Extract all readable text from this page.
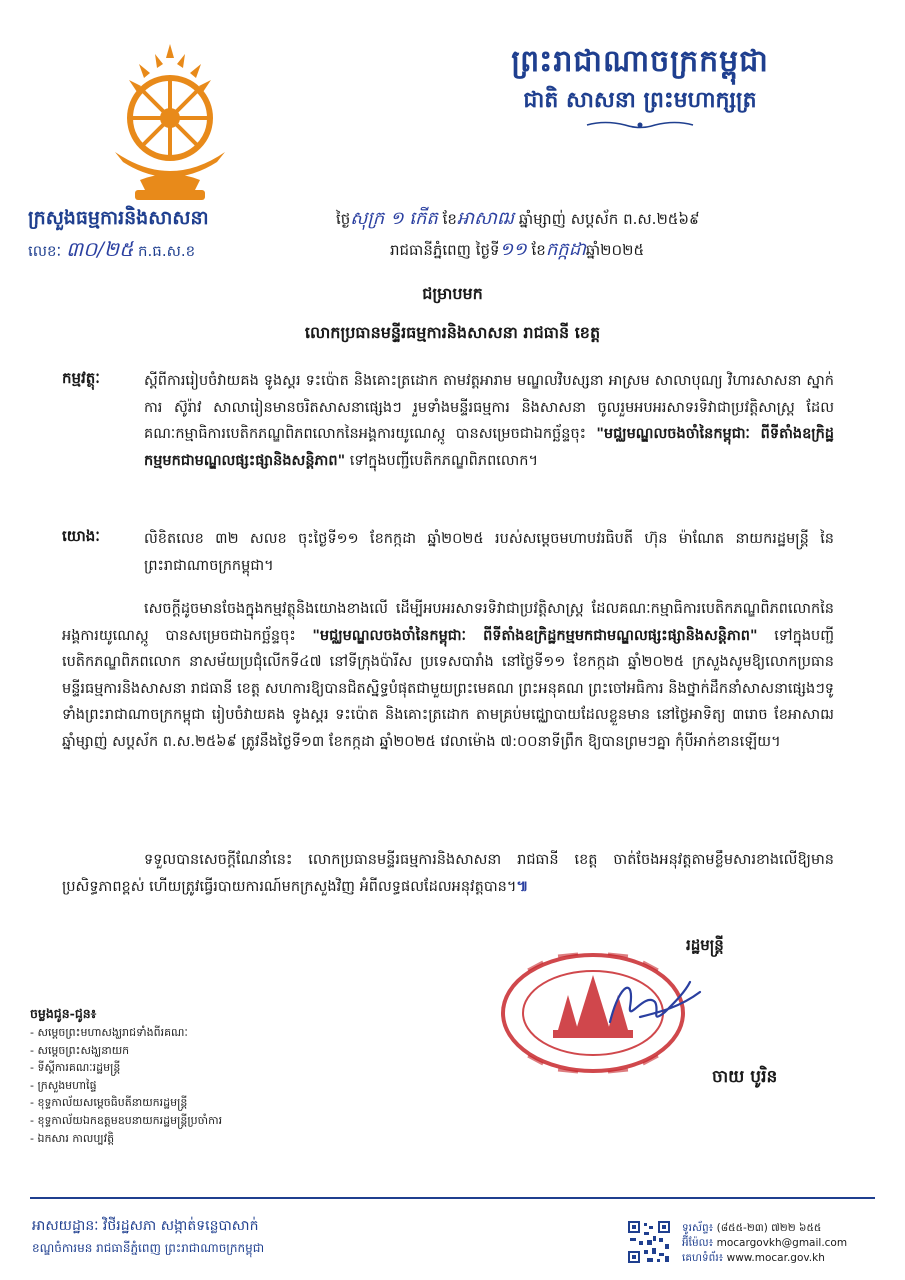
ព្រះរាជាណាចក្រកម្ពុជា
ជាតិ សាសនា ព្រះមហាក្សត្រ
ក្រសួងធម្មការនិងសាសនា
លេខៈ ៣០/២៥ ក.ធ.ស.ខ
ថ្ងៃសុក្រ ១ កើត ខែអាសាឍ ឆ្នាំម្សាញ់ សប្តស័ក ព.ស.២៥៦៩
រាជធានីភ្នំពេញ ថ្ងៃទី១១ ខែកក្កដាឆ្នាំ២០២៥
ជម្រាបមក
លោកប្រធានមន្ទីរធម្មការនិងសាសនា រាជធានី ខេត្ត
កម្មវត្ថុៈ	ស្តីពីការរៀបចំវាយគង ទូងស្គរ ទះប៉ោត និងគោះត្រដោក តាមវត្តអារាម មណ្ឌលវិបស្សនា អាស្រម សាលាបុណ្យ វិហារសាសនា ស្នាក់ការ ស៊ូរ៉ាវ សាលារៀនមានចរិតសាសនាផ្សេងៗ រួមទាំងមន្ទីរធម្មការ និងសាសនា ចូលរួមអបអរសាទរទិវាជាប្រវត្តិសាស្ត្រ ដែលគណៈកម្មាធិការបេតិកភណ្ឌពិភពលោកនៃអង្គការយូណេស្កូ បានសម្រេចជាឯកច្ឆ័ន្ទចុះ "មជ្ឈមណ្ឌលចងចាំនៃកម្ពុជាៈ ពីទីតាំងឧក្រិដ្ឋកម្មមកជាមណ្ឌលផ្សះផ្សានិងសន្តិភាព" ទៅក្នុងបញ្ជីបេតិកភណ្ឌពិភពលោក។
យោងៈ	លិខិតលេខ ៣២ សលខ ចុះថ្ងៃទី១១ ខែកក្កដា ឆ្នាំ២០២៥ របស់សម្តេចមហាបវរធិបតី ហ៊ុន ម៉ាណែត នាយករដ្ឋមន្ត្រី នៃព្រះរាជាណាចក្រកម្ពុជា។
សេចក្តីដូចមានចែងក្នុងកម្មវត្ថុនិងយោងខាងលើ ដើម្បីអបអរសាទរទិវាជាប្រវត្តិសាស្ត្រ ដែលគណៈកម្មាធិការបេតិកភណ្ឌពិភពលោកនៃអង្គការយូណេស្កូ បានសម្រេចជាឯកច្ឆ័ន្ទចុះ "មជ្ឈមណ្ឌលចងចាំនៃកម្ពុជាៈ ពីទីតាំងឧក្រិដ្ឋកម្មមកជាមណ្ឌលផ្សះផ្សានិងសន្តិភាព" ទៅក្នុងបញ្ជីបេតិកភណ្ឌពិភពលោក នាសម័យប្រជុំលើកទី៤៧ នៅទីក្រុងប៉ារីស ប្រទេសបារាំង នៅថ្ងៃទី១១ ខែកក្កដា ឆ្នាំ២០២៥ ក្រសួងសូមឱ្យលោកប្រធានមន្ទីរធម្មការនិងសាសនា រាជធានី ខេត្ត សហការឱ្យបានជិតស្និទ្ធបំផុតជាមួយព្រះមេគណ ព្រះអនុគណ ព្រះចៅអធិការ និងថ្នាក់ដឹកនាំសាសនាផ្សេងៗទូទាំងព្រះរាជាណាចក្រកម្ពុជា រៀបចំវាយគង ទូងស្គរ ទះប៉ោត និងគោះត្រដោក តាមគ្រប់មជ្ឈោបាយដែលខ្លួនមាន នៅថ្ងៃអាទិត្យ ៣រោច ខែអាសាឍ ឆ្នាំម្សាញ់ សប្តស័ក ព.ស.២៥៦៩ ត្រូវនឹងថ្ងៃទី១៣ ខែកក្កដា ឆ្នាំ២០២៥ វេលាម៉ោង ៧:០០នាទីព្រឹក ឱ្យបានព្រមៗគ្នា កុំបីអាក់ខានឡើយ។
ទទួលបានសេចក្តីណែនាំនេះ លោកប្រធានមន្ទីរធម្មការនិងសាសនា រាជធានី ខេត្ត ចាត់ចែងអនុវត្តតាមខ្លឹមសារខាងលើឱ្យមានប្រសិទ្ធភាពខ្ពស់ ហើយត្រូវធ្វើរបាយការណ៍មកក្រសួងវិញ អំពីលទ្ធផលដែលអនុវត្តបាន។៕
រដ្ឋមន្ត្រី
ចាយ បូរិន
ចម្លងជូន-ជូន៖
- សម្តេចព្រះមហាសង្ឃរាជទាំងពីរគណៈ
- សម្តេចព្រះសង្ឃនាយក
- ទីស្តីការគណៈរដ្ឋមន្ត្រី
- ក្រសួងមហាផ្ទៃ
- ខុទ្ទកាល័យសម្តេចធិបតីនាយករដ្ឋមន្ត្រី
- ខុទ្ទកាល័យឯកឧត្តមឧបនាយករដ្ឋមន្ត្រីប្រចាំការ
- ឯកសារ កាលប្បវត្តិ
អាសយដ្ឋានៈ វិថីរដ្ឋសភា សង្កាត់ទន្លេបាសាក់
ខណ្ឌចំការមន រាជធានីភ្នំពេញ ព្រះរាជាណាចក្រកម្ពុជា
ទូរស័ព្ទ៖ (៨៥៥-២៣) ៧២២ ៦៥៥
អ៊ីម៉ែល៖ mocargovkh@gmail.com
គេហទំព័រ៖ www.mocar.gov.kh
